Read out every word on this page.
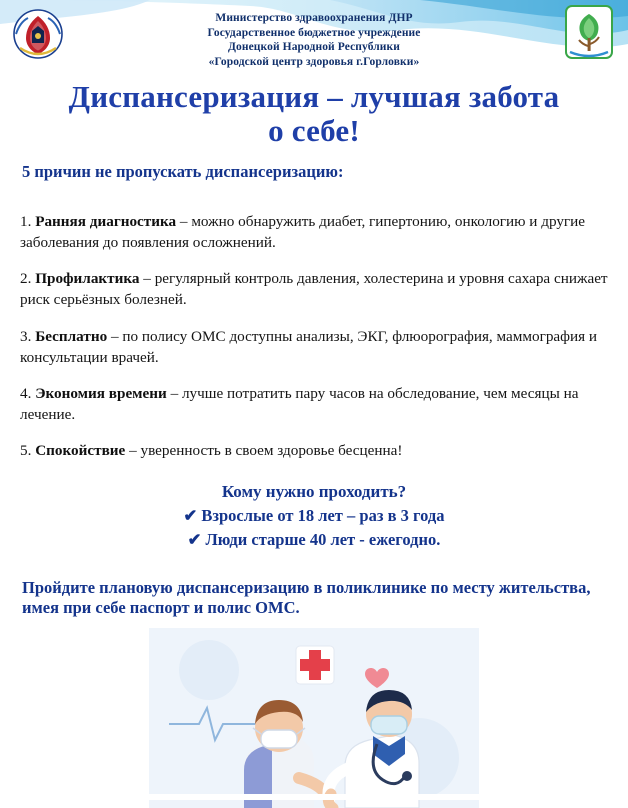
Министерство здравоохранения ДНР
Государственное бюджетное учреждение
Донецкой Народной Республики
«Городской центр здоровья г.Горловки»
Диспансеризация – лучшая забота
о себе!
5 причин не пропускать диспансеризацию:

1. Ранняя диагностика – можно обнаружить диабет, гипертонию, онкологию и другие заболевания до появления осложнений.

2. Профилактика – регулярный контроль давления, холестерина и уровня сахара снижает риск серьёзных болезней.

3. Бесплатно – по полису ОМС доступны анализы, ЭКГ, флюорография, маммография и консультации врачей.

4. Экономия времени – лучше потратить пару часов на обследование, чем месяцы на лечение.

5. Спокойствие – уверенность в своем здоровье бесценна!

Кому нужно проходить?
✔ Взрослые от 18 лет – раз в 3 года
✔ Люди старше 40 лет - ежегодно.
Пройдите плановую диспансеризацию в поликлинике по месту жительства, имея при себе паспорт и полис ОМС.
